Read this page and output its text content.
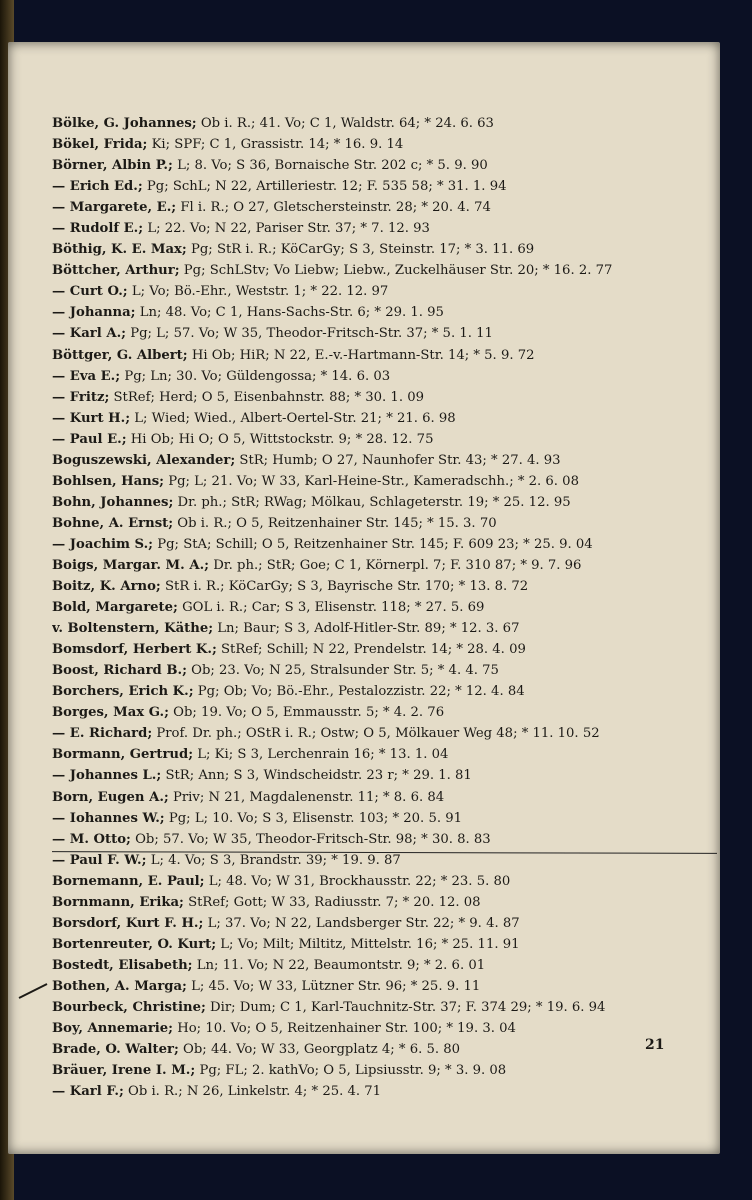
Bölke, G. Johannes; Ob i. R.; 41. Vo; C 1, Waldstr. 64; * 24. 6. 63
Bökel, Frida; Ki; SPF; C 1, Grassistr. 14; * 16. 9. 14
Börner, Albin P.; L; 8. Vo; S 36, Bornaische Str. 202 c; * 5. 9. 90
— Erich Ed.; Pg; SchL; N 22, Artilleriestr. 12; F. 535 58; * 31. 1. 94
— Margarete, E.; Fl i. R.; O 27, Gletschersteinstr. 28; * 20. 4. 74
— Rudolf E.; L; 22. Vo; N 22, Pariser Str. 37; * 7. 12. 93
Böthig, K. E. Max; Pg; StR i. R.; KöCarGy; S 3, Steinstr. 17; * 3. 11. 69
Böttcher, Arthur; Pg; SchLStv; Vo Liebw; Liebw., Zuckelhäuser Str. 20; * 16. 2. 77
— Curt O.; L; Vo; Bö.-Ehr., Weststr. 1; * 22. 12. 97
— Johanna; Ln; 48. Vo; C 1, Hans-Sachs-Str. 6; * 29. 1. 95
— Karl A.; Pg; L; 57. Vo; W 35, Theodor-Fritsch-Str. 37; * 5. 1. 11
Böttger, G. Albert; Hi Ob; HiR; N 22, E.-v.-Hartmann-Str. 14; * 5. 9. 72
— Eva E.; Pg; Ln; 30. Vo; Güldengossa; * 14. 6. 03
— Fritz; StRef; Herd; O 5, Eisenbahnstr. 88; * 30. 1. 09
— Kurt H.; L; Wied; Wied., Albert-Oertel-Str. 21; * 21. 6. 98
— Paul E.; Hi Ob; Hi O; O 5, Wittstockstr. 9; * 28. 12. 75
Boguszewski, Alexander; StR; Humb; O 27, Naunhofer Str. 43; * 27. 4. 93
Bohlsen, Hans; Pg; L; 21. Vo; W 33, Karl-Heine-Str., Kameradschh.; * 2. 6. 08
Bohn, Johannes; Dr. ph.; StR; RWag; Mölkau, Schlageterstr. 19; * 25. 12. 95
Bohne, A. Ernst; Ob i. R.; O 5, Reitzenhainer Str. 145; * 15. 3. 70
— Joachim S.; Pg; StA; Schill; O 5, Reitzenhainer Str. 145; F. 609 23; * 25. 9. 04
Boigs, Margar. M. A.; Dr. ph.; StR; Goe; C 1, Körnerpl. 7; F. 310 87; * 9. 7. 96
Boitz, K. Arno; StR i. R.; KöCarGy; S 3, Bayrische Str. 170; * 13. 8. 72
Bold, Margarete; GOL i. R.; Car; S 3, Elisenstr. 118; * 27. 5. 69
v. Boltenstern, Käthe; Ln; Baur; S 3, Adolf-Hitler-Str. 89; * 12. 3. 67
Bomsdorf, Herbert K.; StRef; Schill; N 22, Prendelstr. 14; * 28. 4. 09
Boost, Richard B.; Ob; 23. Vo; N 25, Stralsunder Str. 5; * 4. 4. 75
Borchers, Erich K.; Pg; Ob; Vo; Bö.-Ehr., Pestalozzistr. 22; * 12. 4. 84
Borges, Max G.; Ob; 19. Vo; O 5, Emmausstr. 5; * 4. 2. 76
— E. Richard; Prof. Dr. ph.; OStR i. R.; Ostw; O 5, Mölkauer Weg 48; * 11. 10. 52
Bormann, Gertrud; L; Ki; S 3, Lerchenrain 16; * 13. 1. 04
— Johannes L.; StR; Ann; S 3, Windscheidstr. 23 r; * 29. 1. 81
Born, Eugen A.; Priv; N 21, Magdalenenstr. 11; * 8. 6. 84
— Iohannes W.; Pg; L; 10. Vo; S 3, Elisenstr. 103; * 20. 5. 91
— M. Otto; Ob; 57. Vo; W 35, Theodor-Fritsch-Str. 98; * 30. 8. 83
— Paul F. W.; L; 4. Vo; S 3, Brandstr. 39; * 19. 9. 87
Bornemann, E. Paul; L; 48. Vo; W 31, Brockhausstr. 22; * 23. 5. 80
Bornmann, Erika; StRef; Gott; W 33, Radiusstr. 7; * 20. 12. 08
Borsdorf, Kurt F. H.; L; 37. Vo; N 22, Landsberger Str. 22; * 9. 4. 87
Bortenreuter, O. Kurt; L; Vo; Milt; Miltitz, Mittelstr. 16; * 25. 11. 91
Bostedt, Elisabeth; Ln; 11. Vo; N 22, Beaumontstr. 9; * 2. 6. 01
Bothen, A. Marga; L; 45. Vo; W 33, Lützner Str. 96; * 25. 9. 11
Bourbeck, Christine; Dir; Dum; C 1, Karl-Tauchnitz-Str. 37; F. 374 29; * 19. 6. 94
Boy, Annemarie; Ho; 10. Vo; O 5, Reitzenhainer Str. 100; * 19. 3. 04
Brade, O. Walter; Ob; 44. Vo; W 33, Georgplatz 4; * 6. 5. 80
Bräuer, Irene I. M.; Pg; FL; 2. kathVo; O 5, Lipsiusstr. 9; * 3. 9. 08
— Karl F.; Ob i. R.; N 26, Linkelstr. 4; * 25. 4. 71
21
